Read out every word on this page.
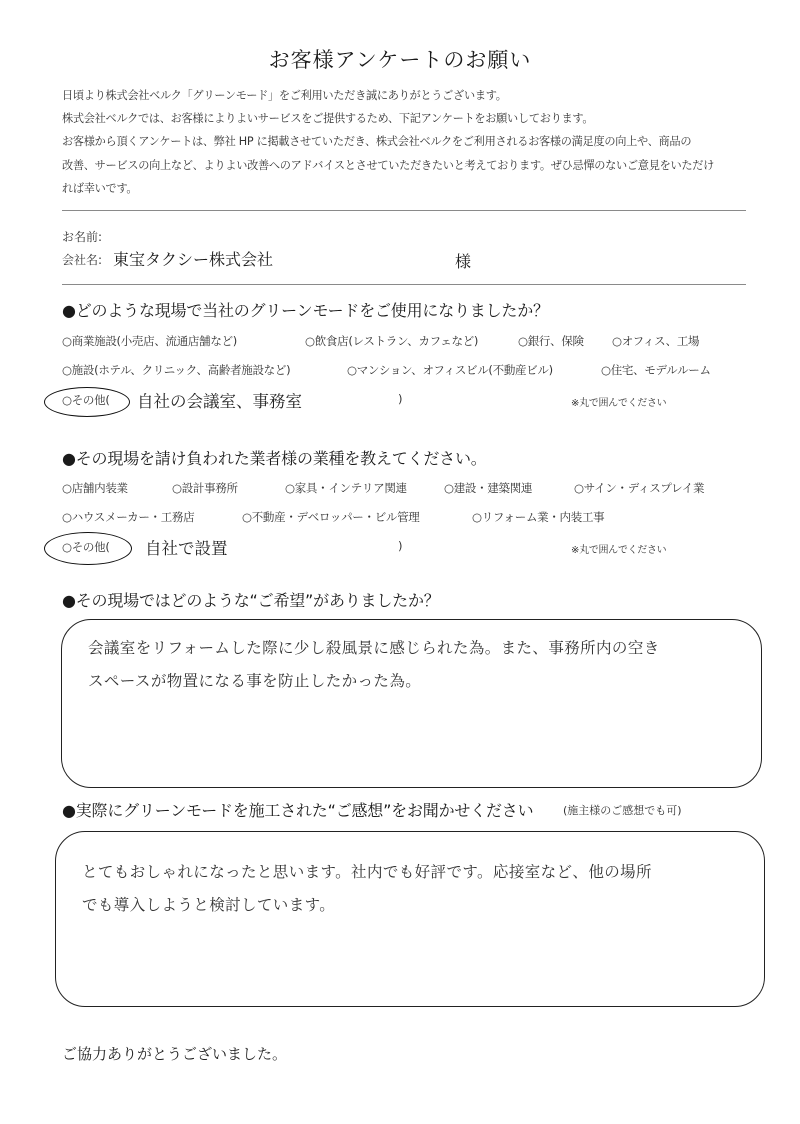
お客様アンケートのお願い
日頃より株式会社ベルク「グリーンモード」をご利用いただき誠にありがとうございます。
株式会社ベルクでは、お客様によりよいサービスをご提供するため、下記アンケートをお願いしております。
お客様から頂くアンケートは、弊社 HP に掲載させていただき、株式会社ベルクをご利用されるお客様の満足度の向上や、商品の
改善、サービスの向上など、よりよい改善へのアドバイスとさせていただきたいと考えております。ぜひ忌憚のないご意見をいただけ
れば幸いです。
お名前:
会社名: 東宝タクシー株式会社	様
●どのような現場で当社のグリーンモードをご使用になりましたか？
○商業施設(小売店、流通店舗など)	○飲食店(レストラン、カフェなど)	○銀行、保険 ○オフィス、工場
○施設(ホテル、クリニック、高齢者施設など)	○マンション、オフィスビル(不動産ビル)	○住宅、モデルルーム
○その他( 自社の会議室、事務室	)	※丸で囲んでください
●その現場を請け負われた業者様の業種を教えてください。
○店舗内装業	○設計事務所	○家具・インテリア関連	○建設・建築関連	○サイン・ディスプレイ業
○ハウスメーカー・工務店	○不動産・デベロッパー・ビル管理	○リフォーム業・内装工事
○その他( 自社で設置	)	※丸で囲んでください
●その現場ではどのような“ご希望”がありましたか？
会議室をリフォームした際に少し殺風景に感じられた為。また、事務所内の空き
スペースが物置になる事を防止したかった為。
●実際にグリーンモードを施工された“ご感想”をお聞かせください	(施主様のご感想でも可)
とてもおしゃれになったと思います。社内でも好評です。応接室など、他の場所
でも導入しようと検討しています。
ご協力ありがとうございました。
